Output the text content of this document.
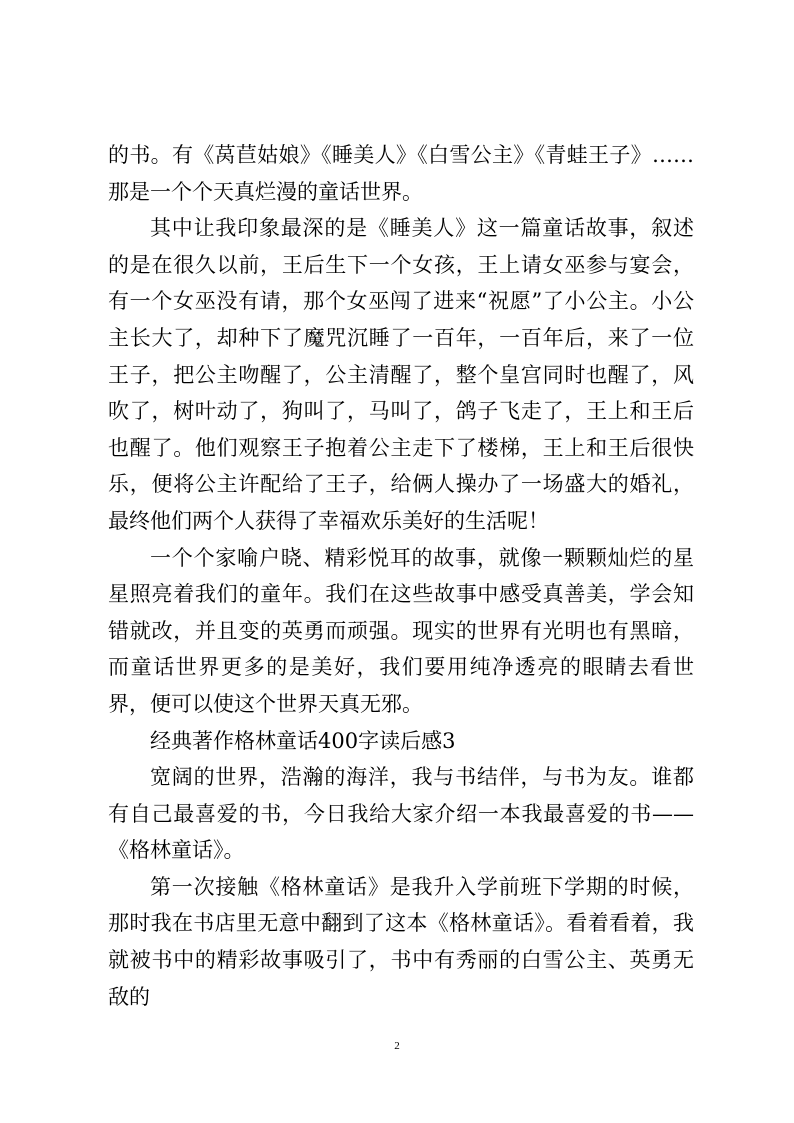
的书。有《莴苣姑娘》《睡美人》《白雪公主》《青蛙王子》……那是一个个天真烂漫的童话世界。

其中让我印象最深的是《睡美人》这一篇童话故事，叙述的是在很久以前，王后生下一个女孩，王上请女巫参与宴会，有一个女巫没有请，那个女巫闯了进来“祝愿”了小公主。小公主长大了，却种下了魔咒沉睡了一百年，一百年后，来了一位王子，把公主吻醒了，公主清醒了，整个皇宫同时也醒了，风吹了，树叶动了，狗叫了，马叫了，鸽子飞走了，王上和王后也醒了。他们观察王子抱着公主走下了楼梯，王上和王后很快乐，便将公主许配给了王子，给俩人操办了一场盛大的婚礼，最终他们两个人获得了幸福欢乐美好的生活呢！

一个个家喻户晓、精彩悦耳的故事，就像一颗颗灿烂的星星照亮着我们的童年。我们在这些故事中感受真善美，学会知错就改，并且变的英勇而顽强。现实的世界有光明也有黑暗，而童话世界更多的是美好，我们要用纯净透亮的眼睛去看世界，便可以使这个世界天真无邪。

经典著作格林童话400字读后感3

宽阔的世界，浩瀚的海洋，我与书结伴，与书为友。谁都有自己最喜爱的书，今日我给大家介绍一本我最喜爱的书——《格林童话》。

第一次接触《格林童话》是我升入学前班下学期的时候，那时我在书店里无意中翻到了这本《格林童话》。看着看着，我就被书中的精彩故事吸引了，书中有秀丽的白雪公主、英勇无敌的

2
